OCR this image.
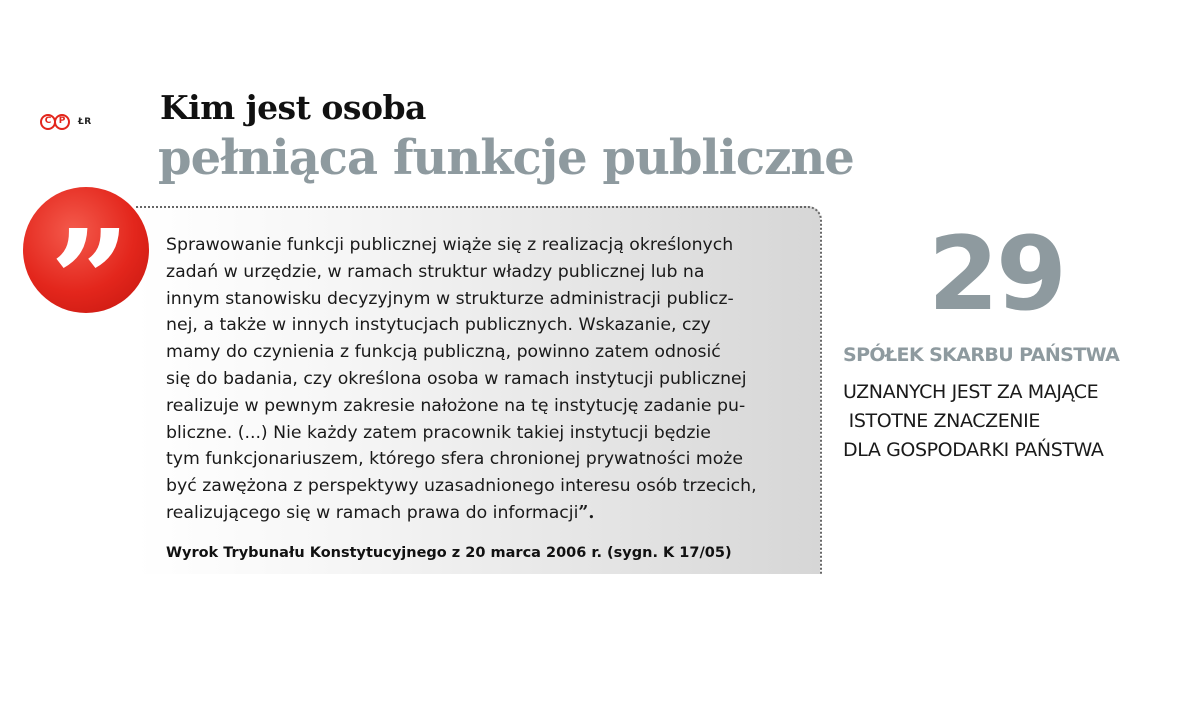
C P	ŁR Kim jest osoba
pełniąca funkcje publiczne
”	Sprawowanie funkcji publicznej wiąże się z realizacją określonych
zadań w urzędzie, w ramach struktur władzy publicznej lub na
innym stanowisku decyzyjnym w strukturze administracji publicz-
nej, a także w innych instytucjach publicznych. Wskazanie, czy
mamy do czynienia z funkcją publiczną, powinno zatem odnosić
się do badania, czy określona osoba w ramach instytucji publicznej
realizuje w pewnym zakresie nałożone na tę instytucję zadanie pu-
bliczne. (...) Nie każdy zatem pracownik takiej instytucji będzie
tym funkcjonariuszem, którego sfera chronionej prywatności może
być zawężona z perspektywy uzasadnionego interesu osób trzecich,
realizującego się w ramach prawa do informacji”.

Wyrok Trybunału Konstytucyjnego z 20 marca 2006 r. (sygn. K 17/05)

29
SPÓŁEK SKARBU PAŃSTWA
UZNANYCH JEST ZA MAJĄCE
ISTOTNE ZNACZENIE
DLA GOSPODARKI PAŃSTWA
